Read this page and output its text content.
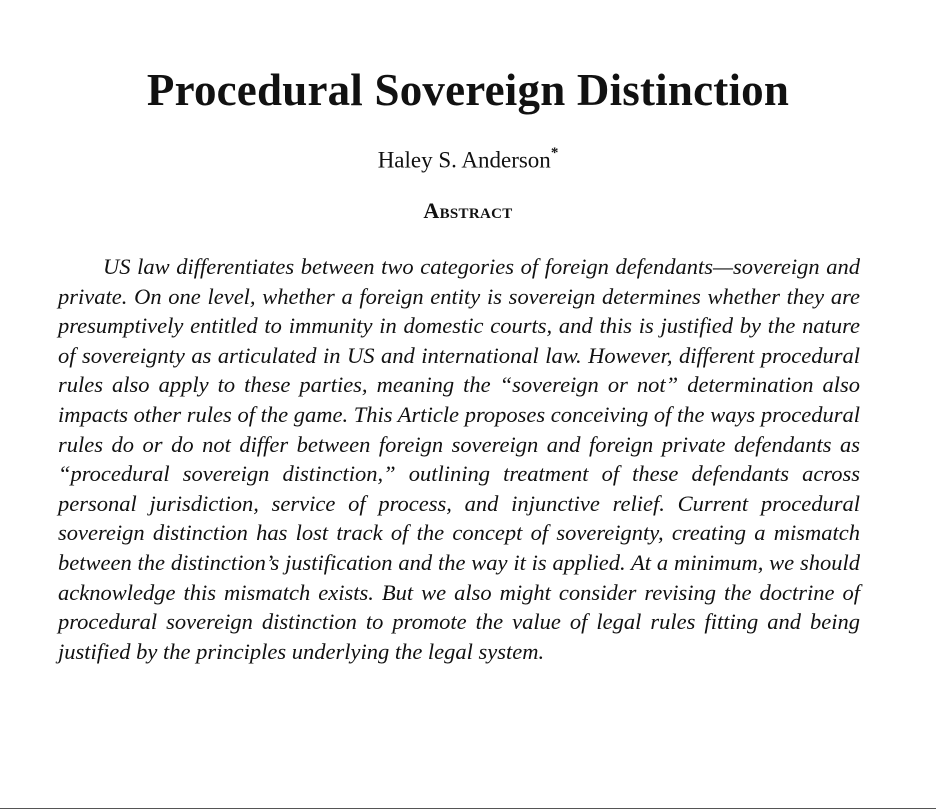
Procedural Sovereign Distinction
Haley S. Anderson*
Abstract

US law differentiates between two categories of foreign defendants—sovereign and private. On one level, whether a foreign entity is sovereign determines whether they are presumptively entitled to immunity in domestic courts, and this is justified by the nature of sovereignty as articulated in US and international law. However, different procedural rules also apply to these parties, meaning the “sovereign or not” determination also impacts other rules of the game. This Article proposes conceiving of the ways procedural rules do or do not differ between foreign sovereign and foreign private defendants as “procedural sovereign distinction,” outlining treatment of these defendants across personal jurisdiction, service of process, and injunctive relief. Current procedural sovereign distinction has lost track of the concept of sovereignty, creating a mismatch between the distinction’s justification and the way it is applied. At a minimum, we should acknowledge this mismatch exists. But we also might consider revising the doctrine of procedural sovereign distinction to promote the value of legal rules fitting and being justified by the principles underlying the legal system.
